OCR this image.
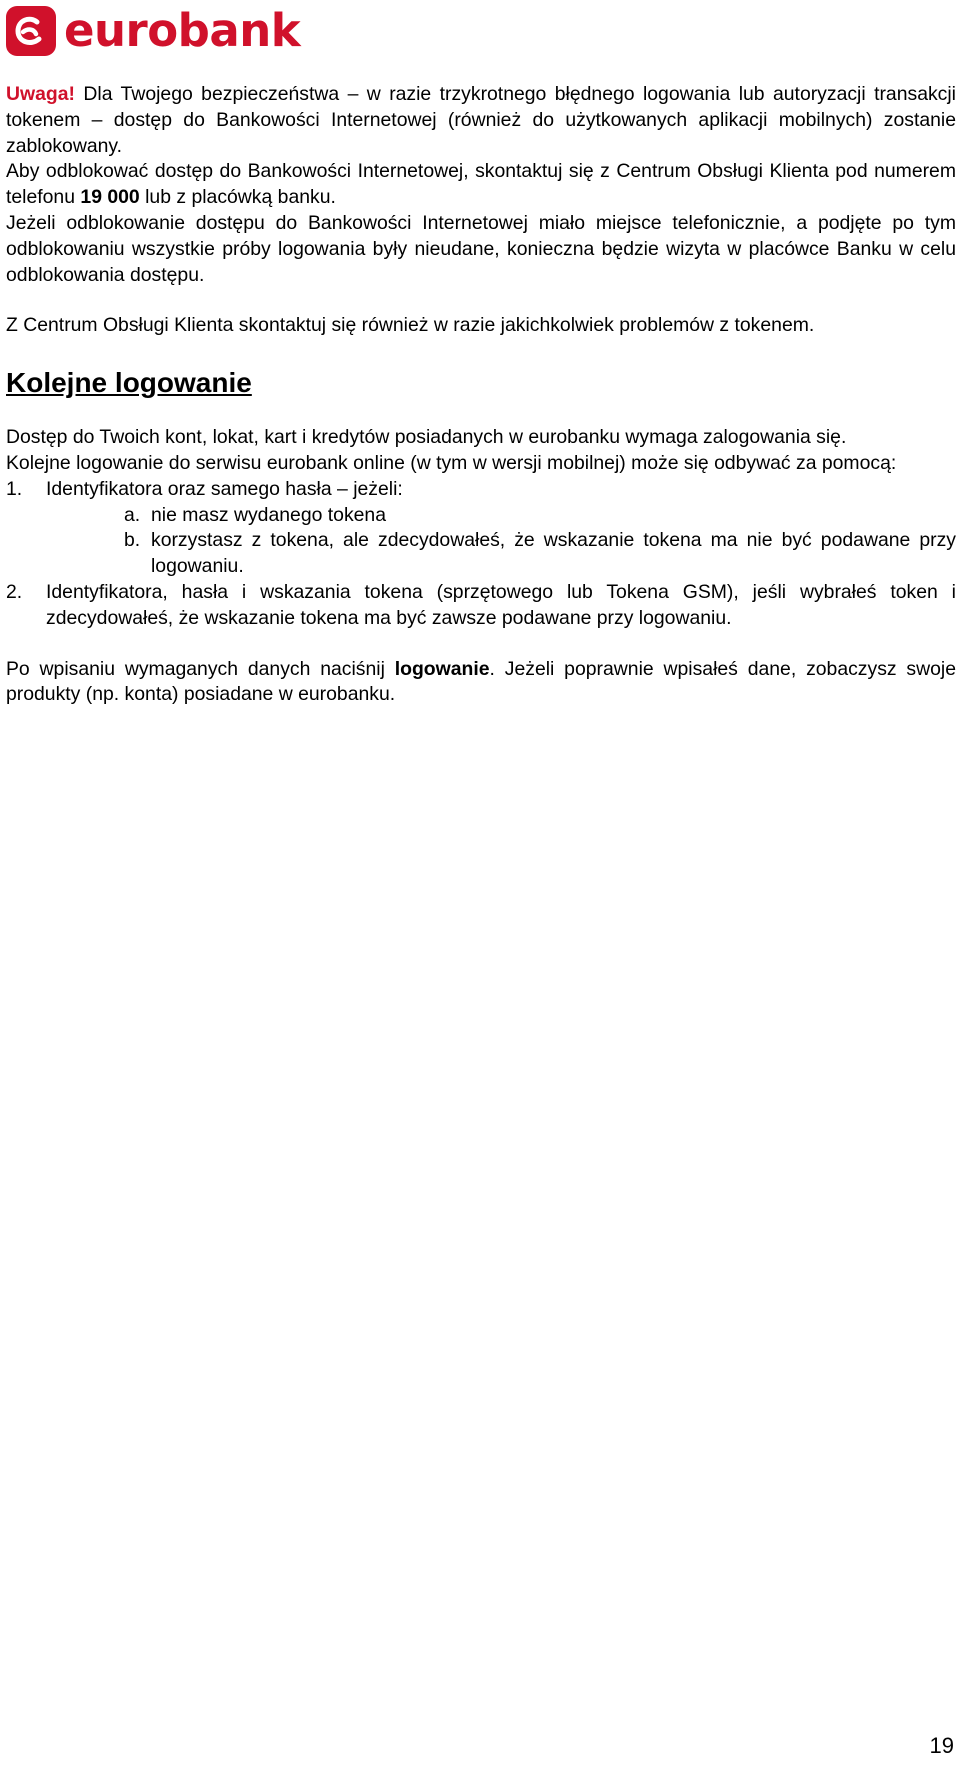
eurobank

Uwaga! Dla Twojego bezpieczeństwa – w razie trzykrotnego błędnego logowania lub autoryzacji transakcji tokenem – dostęp do Bankowości Internetowej (również do użytkowanych aplikacji mobilnych) zostanie zablokowany.

Aby odblokować dostęp do Bankowości Internetowej, skontaktuj się z Centrum Obsługi Klienta pod numerem telefonu 19 000 lub z placówką banku.

Jeżeli odblokowanie dostępu do Bankowości Internetowej miało miejsce telefonicznie, a podjęte po tym odblokowaniu wszystkie próby logowania były nieudane, konieczna będzie wizyta w placówce Banku w celu odblokowania dostępu.

Z Centrum Obsługi Klienta skontaktuj się również w razie jakichkolwiek problemów z tokenem.

Kolejne logowanie

Dostęp do Twoich kont, lokat, kart i kredytów posiadanych w eurobanku wymaga zalogowania się.

Kolejne logowanie do serwisu eurobank online (w tym w wersji mobilnej) może się odbywać za pomocą:

1.	Identyfikatora oraz samego hasła – jeżeli:
a. nie masz wydanego tokena
b. korzystasz z tokena, ale zdecydowałeś, że wskazanie tokena ma nie być podawane przy logowaniu.
2.	Identyfikatora, hasła i wskazania tokena (sprzętowego lub Tokena GSM), jeśli wybrałeś token i zdecydowałeś, że wskazanie tokena ma być zawsze podawane przy logowaniu.

Po wpisaniu wymaganych danych naciśnij logowanie. Jeżeli poprawnie wpisałeś dane, zobaczysz swoje produkty (np. konta) posiadane w eurobanku.

19
